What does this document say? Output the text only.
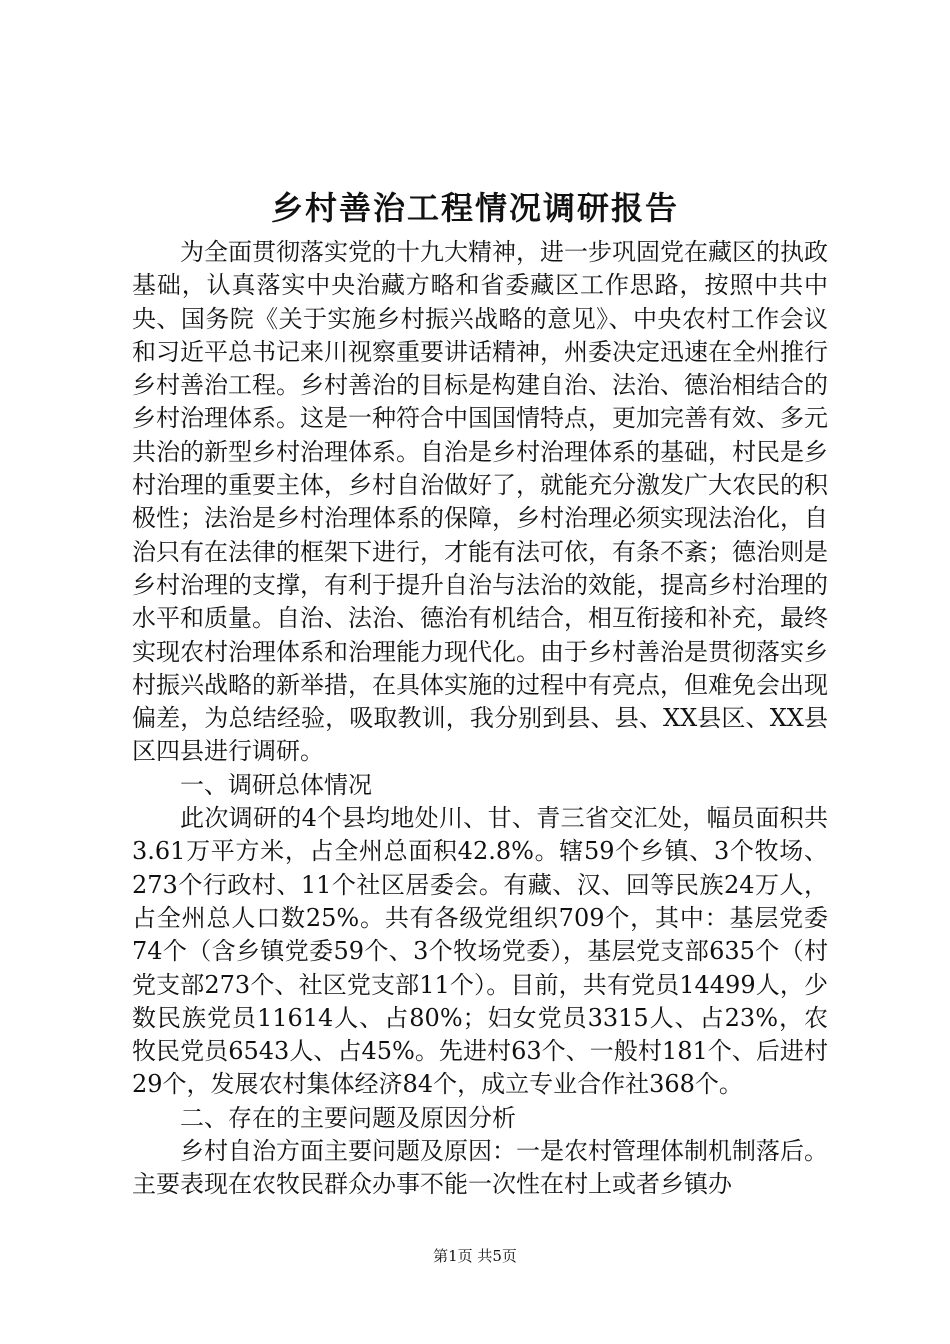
乡村善治工程情况调研报告

为全面贯彻落实党的十九大精神，进一步巩固党在藏区的执政基础，认真落实中央治藏方略和省委藏区工作思路，按照中共中央、国务院《关于实施乡村振兴战略的意见》、中央农村工作会议和习近平总书记来川视察重要讲话精神，州委决定迅速在全州推行乡村善治工程。乡村善治的目标是构建自治、法治、德治相结合的乡村治理体系。这是一种符合中国国情特点，更加完善有效、多元共治的新型乡村治理体系。自治是乡村治理体系的基础，村民是乡村治理的重要主体，乡村自治做好了，就能充分激发广大农民的积极性；法治是乡村治理体系的保障，乡村治理必须实现法治化，自治只有在法律的框架下进行，才能有法可依，有条不紊；德治则是乡村治理的支撑，有利于提升自治与法治的效能，提高乡村治理的水平和质量。自治、法治、德治有机结合，相互衔接和补充，最终实现农村治理体系和治理能力现代化。由于乡村善治是贯彻落实乡村振兴战略的新举措，在具体实施的过程中有亮点，但难免会出现偏差，为总结经验，吸取教训，我分别到县、县、XX县区、XX县区四县进行调研。

一、调研总体情况

此次调研的4个县均地处川、甘、青三省交汇处，幅员面积共3.61万平方米，占全州总面积42.8%。辖59个乡镇、3个牧场、273个行政村、11个社区居委会。有藏、汉、回等民族24万人，占全州总人口数25%。共有各级党组织709个，其中：基层党委74个（含乡镇党委59个、3个牧场党委），基层党支部635个（村党支部273个、社区党支部11个）。目前，共有党员14499人，少数民族党员11614人、占80%；妇女党员3315人、占23%，农牧民党员6543人、占45%。先进村63个、一般村181个、后进村29个，发展农村集体经济84个，成立专业合作社368个。

二、存在的主要问题及原因分析

乡村自治方面主要问题及原因：一是农村管理体制机制落后。主要表现在农牧民群众办事不能一次性在村上或者乡镇办

第1页 共5页
